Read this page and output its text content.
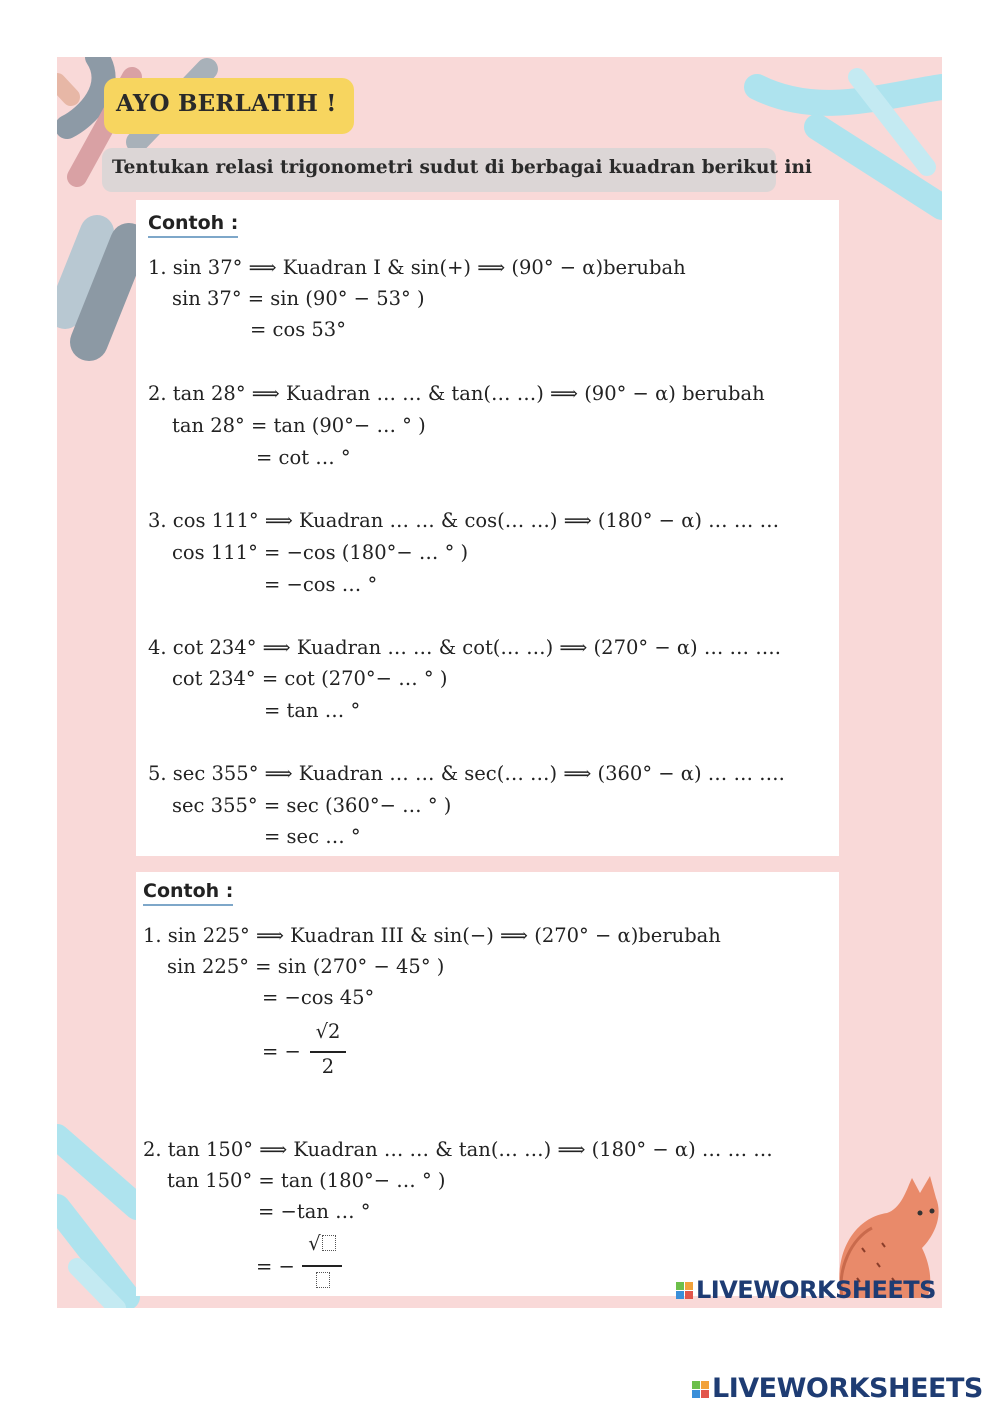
AYO BERLATIH !
Tentukan relasi trigonometri sudut di berbagai kuadran berikut ini
Contoh :
1. sin 37° ⟹ Kuadran I & sin(+) ⟹ (90° − α)berubah
sin 37° = sin (90° − 53° )
= cos 53°
2. tan 28° ⟹ Kuadran … … & tan(… …) ⟹ (90° − α) berubah
tan 28° = tan (90°− … ° )
= cot … °
3. cos 111° ⟹ Kuadran … … & cos(… …) ⟹ (180° − α) … … …
cos 111° = −cos (180°− … ° )
= −cos … °
4. cot 234° ⟹ Kuadran … … & cot(… …) ⟹ (270° − α) … … ….
cot 234° = cot (270°− … ° )
= tan … °
5. sec 355° ⟹ Kuadran … … & sec(… …) ⟹ (360° − α) … … ….
sec 355° = sec (360°− … ° )
= sec … °
Contoh :
1. sin 225° ⟹ Kuadran III & sin(−) ⟹ (270° − α)berubah
sin 225° = sin (270° − 45° )
= −cos 45°
= −
√2
2
2. tan 150° ⟹ Kuadran … … & tan(… …) ⟹ (180° − α) … … …
tan 150° = tan (180°− … ° )
= −tan … °
= −
√
LIVEWORKSHEETS
LIVEWORKSHEETS
